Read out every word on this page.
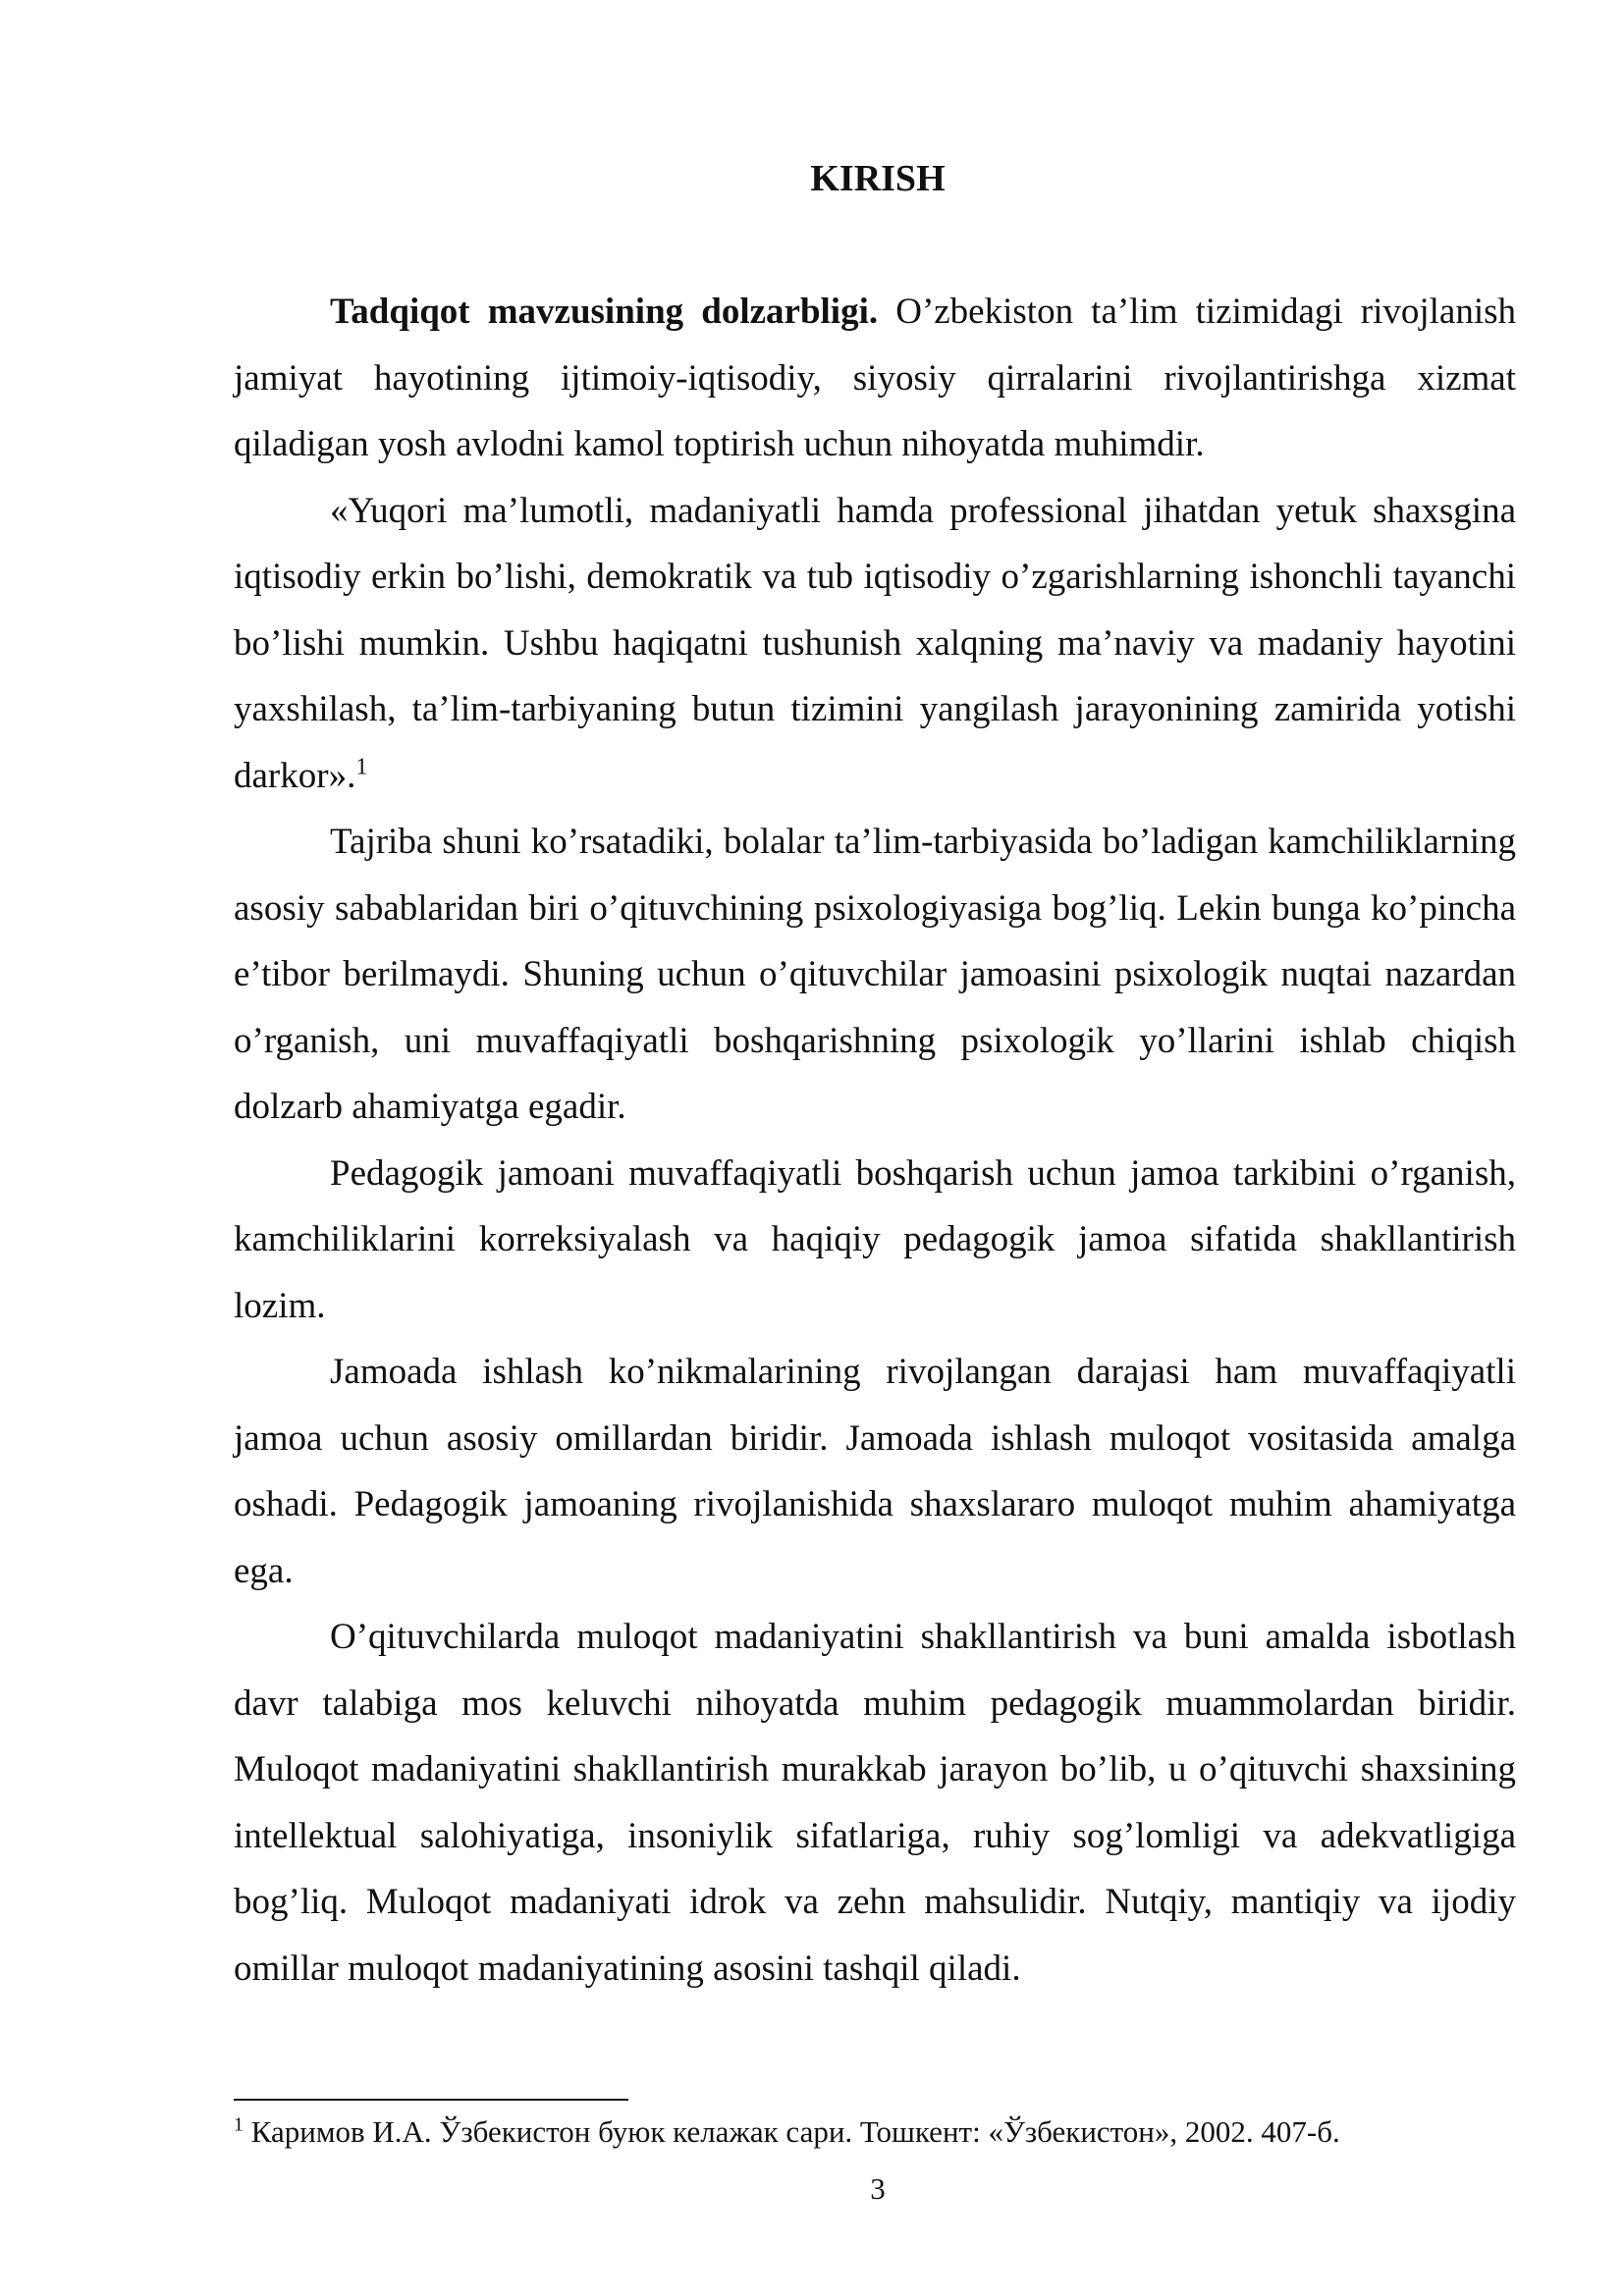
KIRISH

Tadqiqot mavzusining dolzarbligi. O’zbekiston ta’lim tizimidagi rivojlanish jamiyat hayotining ijtimoiy-iqtisodiy, siyosiy qirralarini rivojlantirishga xizmat qiladigan yosh avlodni kamol toptirish uchun nihoyatda muhimdir.

«Yuqori ma’lumotli, madaniyatli hamda professional jihatdan yetuk shaxsgina iqtisodiy erkin bo’lishi, demokratik va tub iqtisodiy o’zgarishlarning ishonchli tayanchi bo’lishi mumkin. Ushbu haqiqatni tushunish xalqning ma’naviy va madaniy hayotini yaxshilash, ta’lim-tarbiyaning butun tizimini yangilash jarayonining zamirida yotishi darkor».$^1$

Tajriba shuni ko’rsatadiki, bolalar ta’lim-tarbiyasida bo’ladigan kamchiliklarning asosiy sabablaridan biri o’qituvchining psixologiyasiga bog’liq. Lekin bunga ko’pincha e’tibor berilmaydi. Shuning uchun o’qituvchilar jamoasini psixologik nuqtai nazardan o’rganish, uni muvaffaqiyatli boshqarishning psixologik yo’llarini ishlab chiqish dolzarb ahamiyatga egadir.

Pedagogik jamoani muvaffaqiyatli boshqarish uchun jamoa tarkibini o’rganish, kamchiliklarini korreksiyalash va haqiqiy pedagogik jamoa sifatida shakllantirish lozim.

Jamoada ishlash ko’nikmalarining rivojlangan darajasi ham muvaffaqiyatli jamoa uchun asosiy omillardan biridir. Jamoada ishlash muloqot vositasida amalga oshadi. Pedagogik jamoaning rivojlanishida shaxslararo muloqot muhim ahamiyatga ega.

O’qituvchilarda muloqot madaniyatini shakllantirish va buni amalda isbotlash davr talabiga mos keluvchi nihoyatda muhim pedagogik muammolardan biridir. Muloqot madaniyatini shakllantirish murakkab jarayon bo’lib, u o’qituvchi shaxsining intellektual salohiyatiga, insoniylik sifatlariga, ruhiy sog’lomligi va adekvatligiga bog’liq. Muloqot madaniyati idrok va zehn mahsulidir. Nutqiy, mantiqiy va ijodiy omillar muloqot madaniyatining asosini tashqil qiladi.

$^1$ Каримов И.А. Ўзбекистон буюк келажак сари. Тошкент: «Ўзбекистон», 2002. 407-б.

3
